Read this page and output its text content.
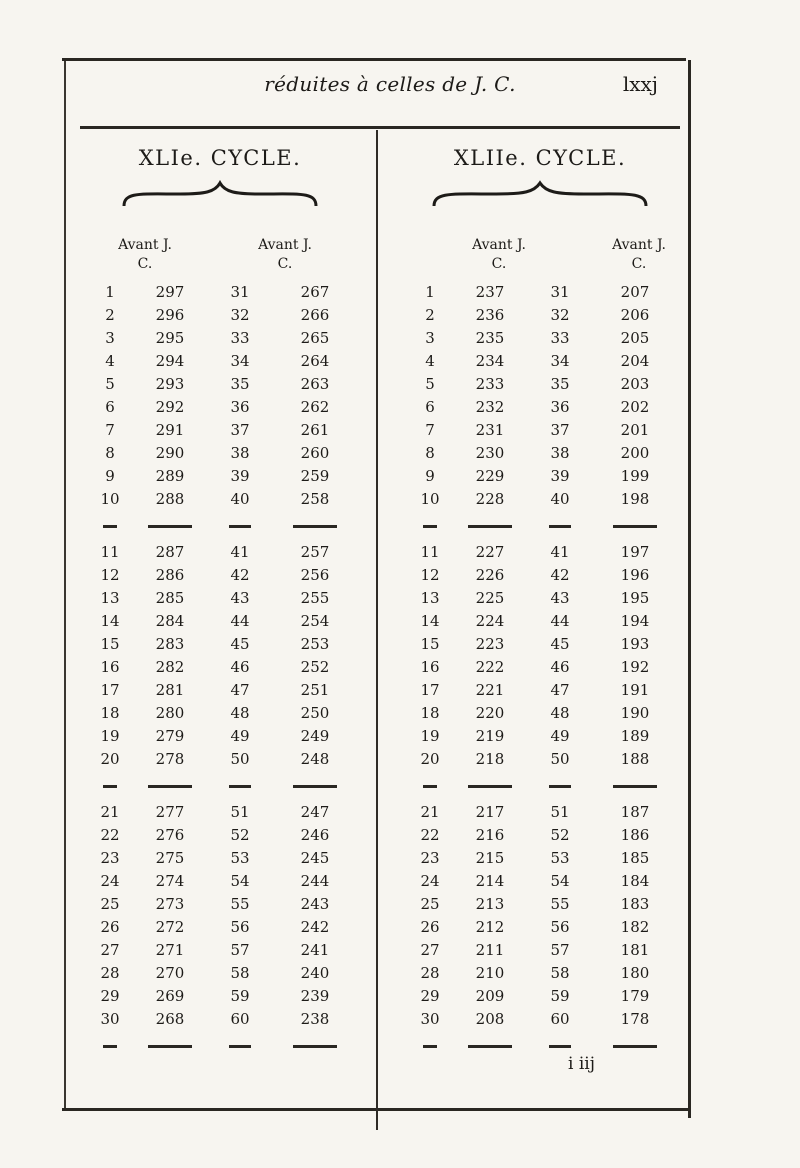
réduites à celles de J. C.	lxxj
XLIe. CYCLE.
Avant J. C.
Avant J. C.
1	297	31	267
2	296	32	266
3	295	33	265
4	294	34	264
5	293	35	263
6	292	36	262
7	291	37	261
8	290	38	260
9	289	39	259
10	288	40	258

11	287	41	257
12	286	42	256
13	285	43	255
14	284	44	254
15	283	45	253
16	282	46	252
17	281	47	251
18	280	48	250
19	279	49	249
20	278	50	248

21	277	51	247
22	276	52	246
23	275	53	245
24	274	54	244
25	273	55	243
26	272	56	242
27	271	57	241
28	270	58	240
29	269	59	239
30	268	60	238

XLIIe. CYCLE.
Avant J. C.
Avant J. C.
1	237	31	207
2	236	32	206
3	235	33	205
4	234	34	204
5	233	35	203
6	232	36	202
7	231	37	201
8	230	38	200
9	229	39	199
10	228	40	198

11	227	41	197
12	226	42	196
13	225	43	195
14	224	44	194
15	223	45	193
16	222	46	192
17	221	47	191
18	220	48	190
19	219	49	189
20	218	50	188

21	217	51	187
22	216	52	186
23	215	53	185
24	214	54	184
25	213	55	183
26	212	56	182
27	211	57	181
28	210	58	180
29	209	59	179
30	208	60	178

i iij
